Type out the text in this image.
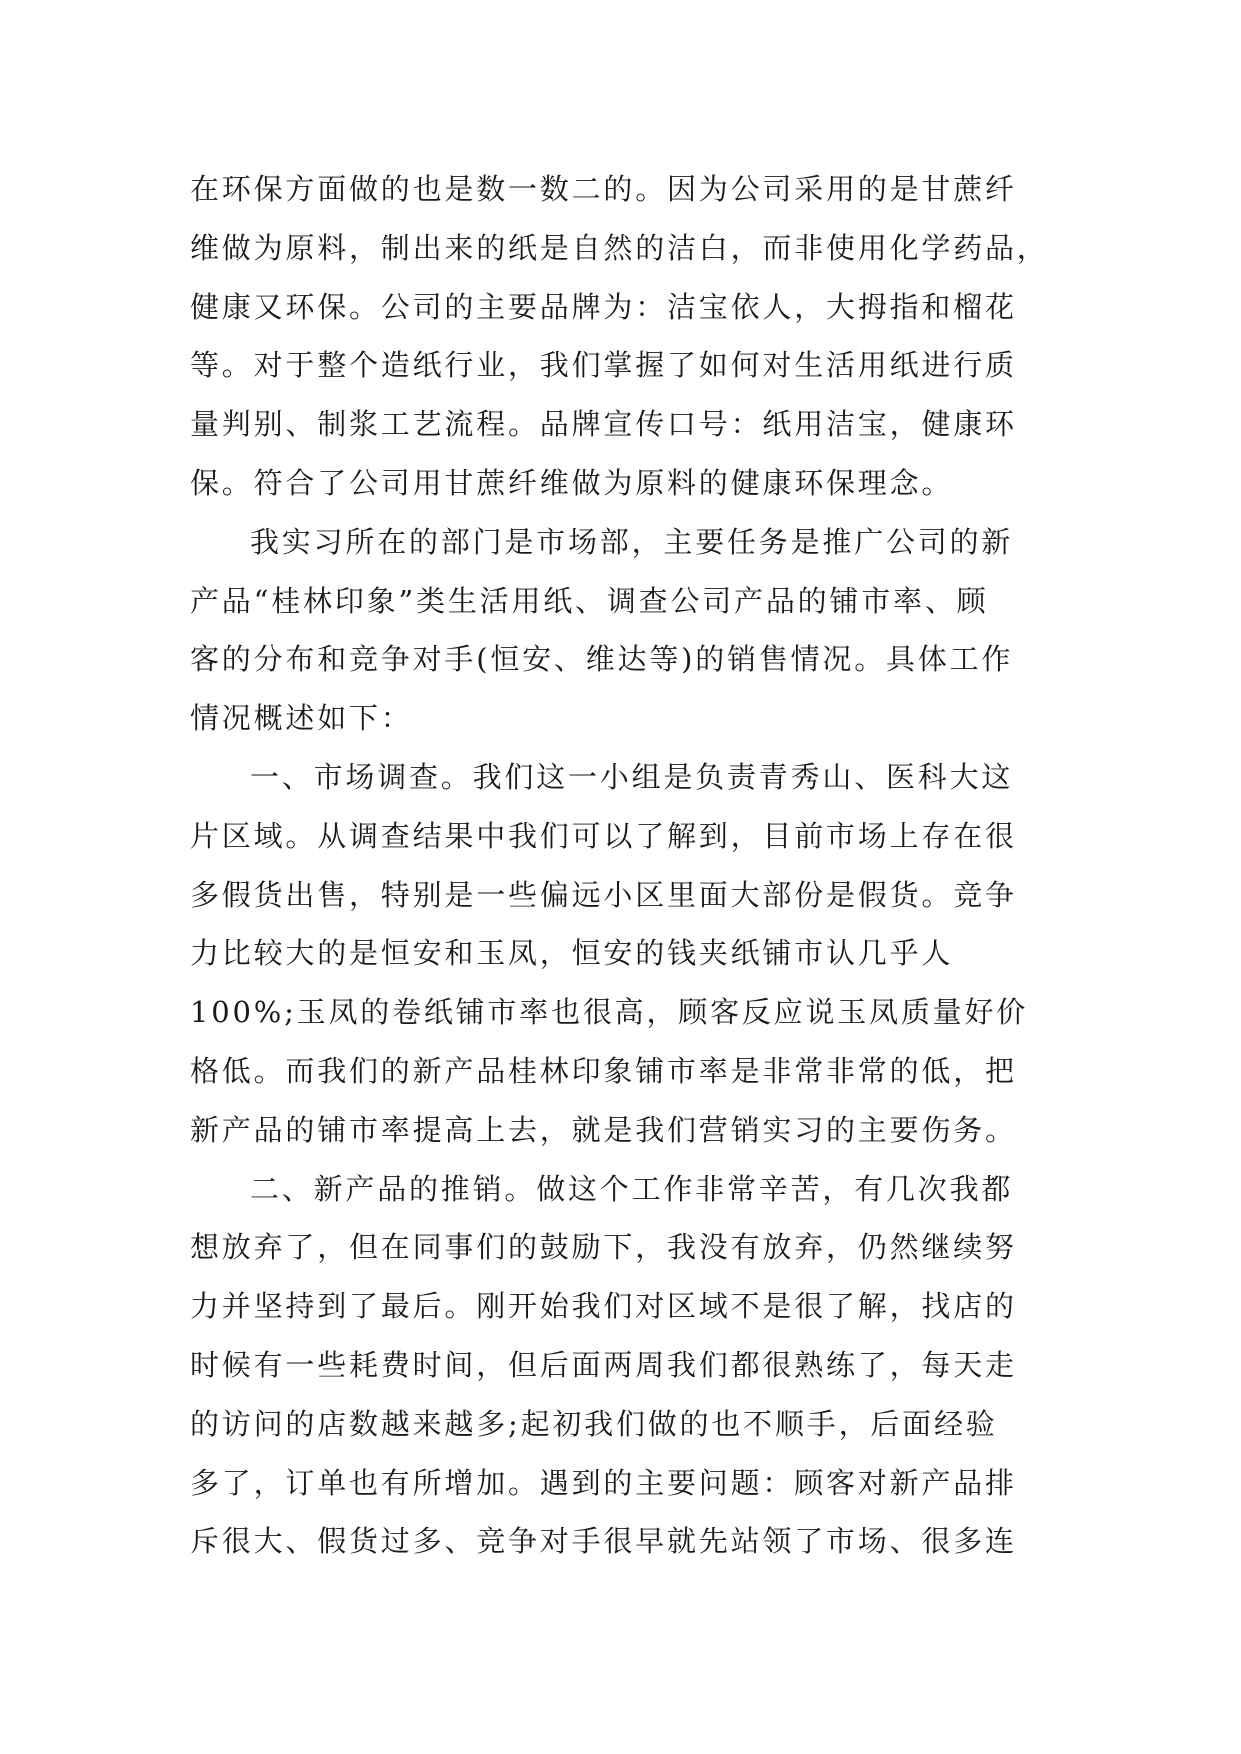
在环保方面做的也是数一数二的。因为公司采用的是甘蔗纤
维做为原料，制出来的纸是自然的洁白，而非使用化学药品，
健康又环保。公司的主要品牌为：洁宝依人，大拇指和榴花
等。对于整个造纸行业，我们掌握了如何对生活用纸进行质
量判别、制浆工艺流程。品牌宣传口号：纸用洁宝，健康环
保。符合了公司用甘蔗纤维做为原料的健康环保理念。
我实习所在的部门是市场部，主要任务是推广公司的新
产品“桂林印象”类生活用纸、调查公司产品的铺市率、顾
客的分布和竞争对手(恒安、维达等)的销售情况。具体工作
情况概述如下：
一、市场调查。我们这一小组是负责青秀山、医科大这
片区域。从调查结果中我们可以了解到，目前市场上存在很
多假货出售，特别是一些偏远小区里面大部份是假货。竞争
力比较大的是恒安和玉凤，恒安的钱夹纸铺市认几乎人
100%;玉凤的卷纸铺市率也很高，顾客反应说玉凤质量好价
格低。而我们的新产品桂林印象铺市率是非常非常的低，把
新产品的铺市率提高上去，就是我们营销实习的主要伤务。
二、新产品的推销。做这个工作非常辛苦，有几次我都
想放弃了，但在同事们的鼓励下，我没有放弃，仍然继续努
力并坚持到了最后。刚开始我们对区域不是很了解，找店的
时候有一些耗费时间，但后面两周我们都很熟练了，每天走
的访问的店数越来越多;起初我们做的也不顺手，后面经验
多了，订单也有所增加。遇到的主要问题：顾客对新产品排
斥很大、假货过多、竞争对手很早就先站领了市场、很多连
